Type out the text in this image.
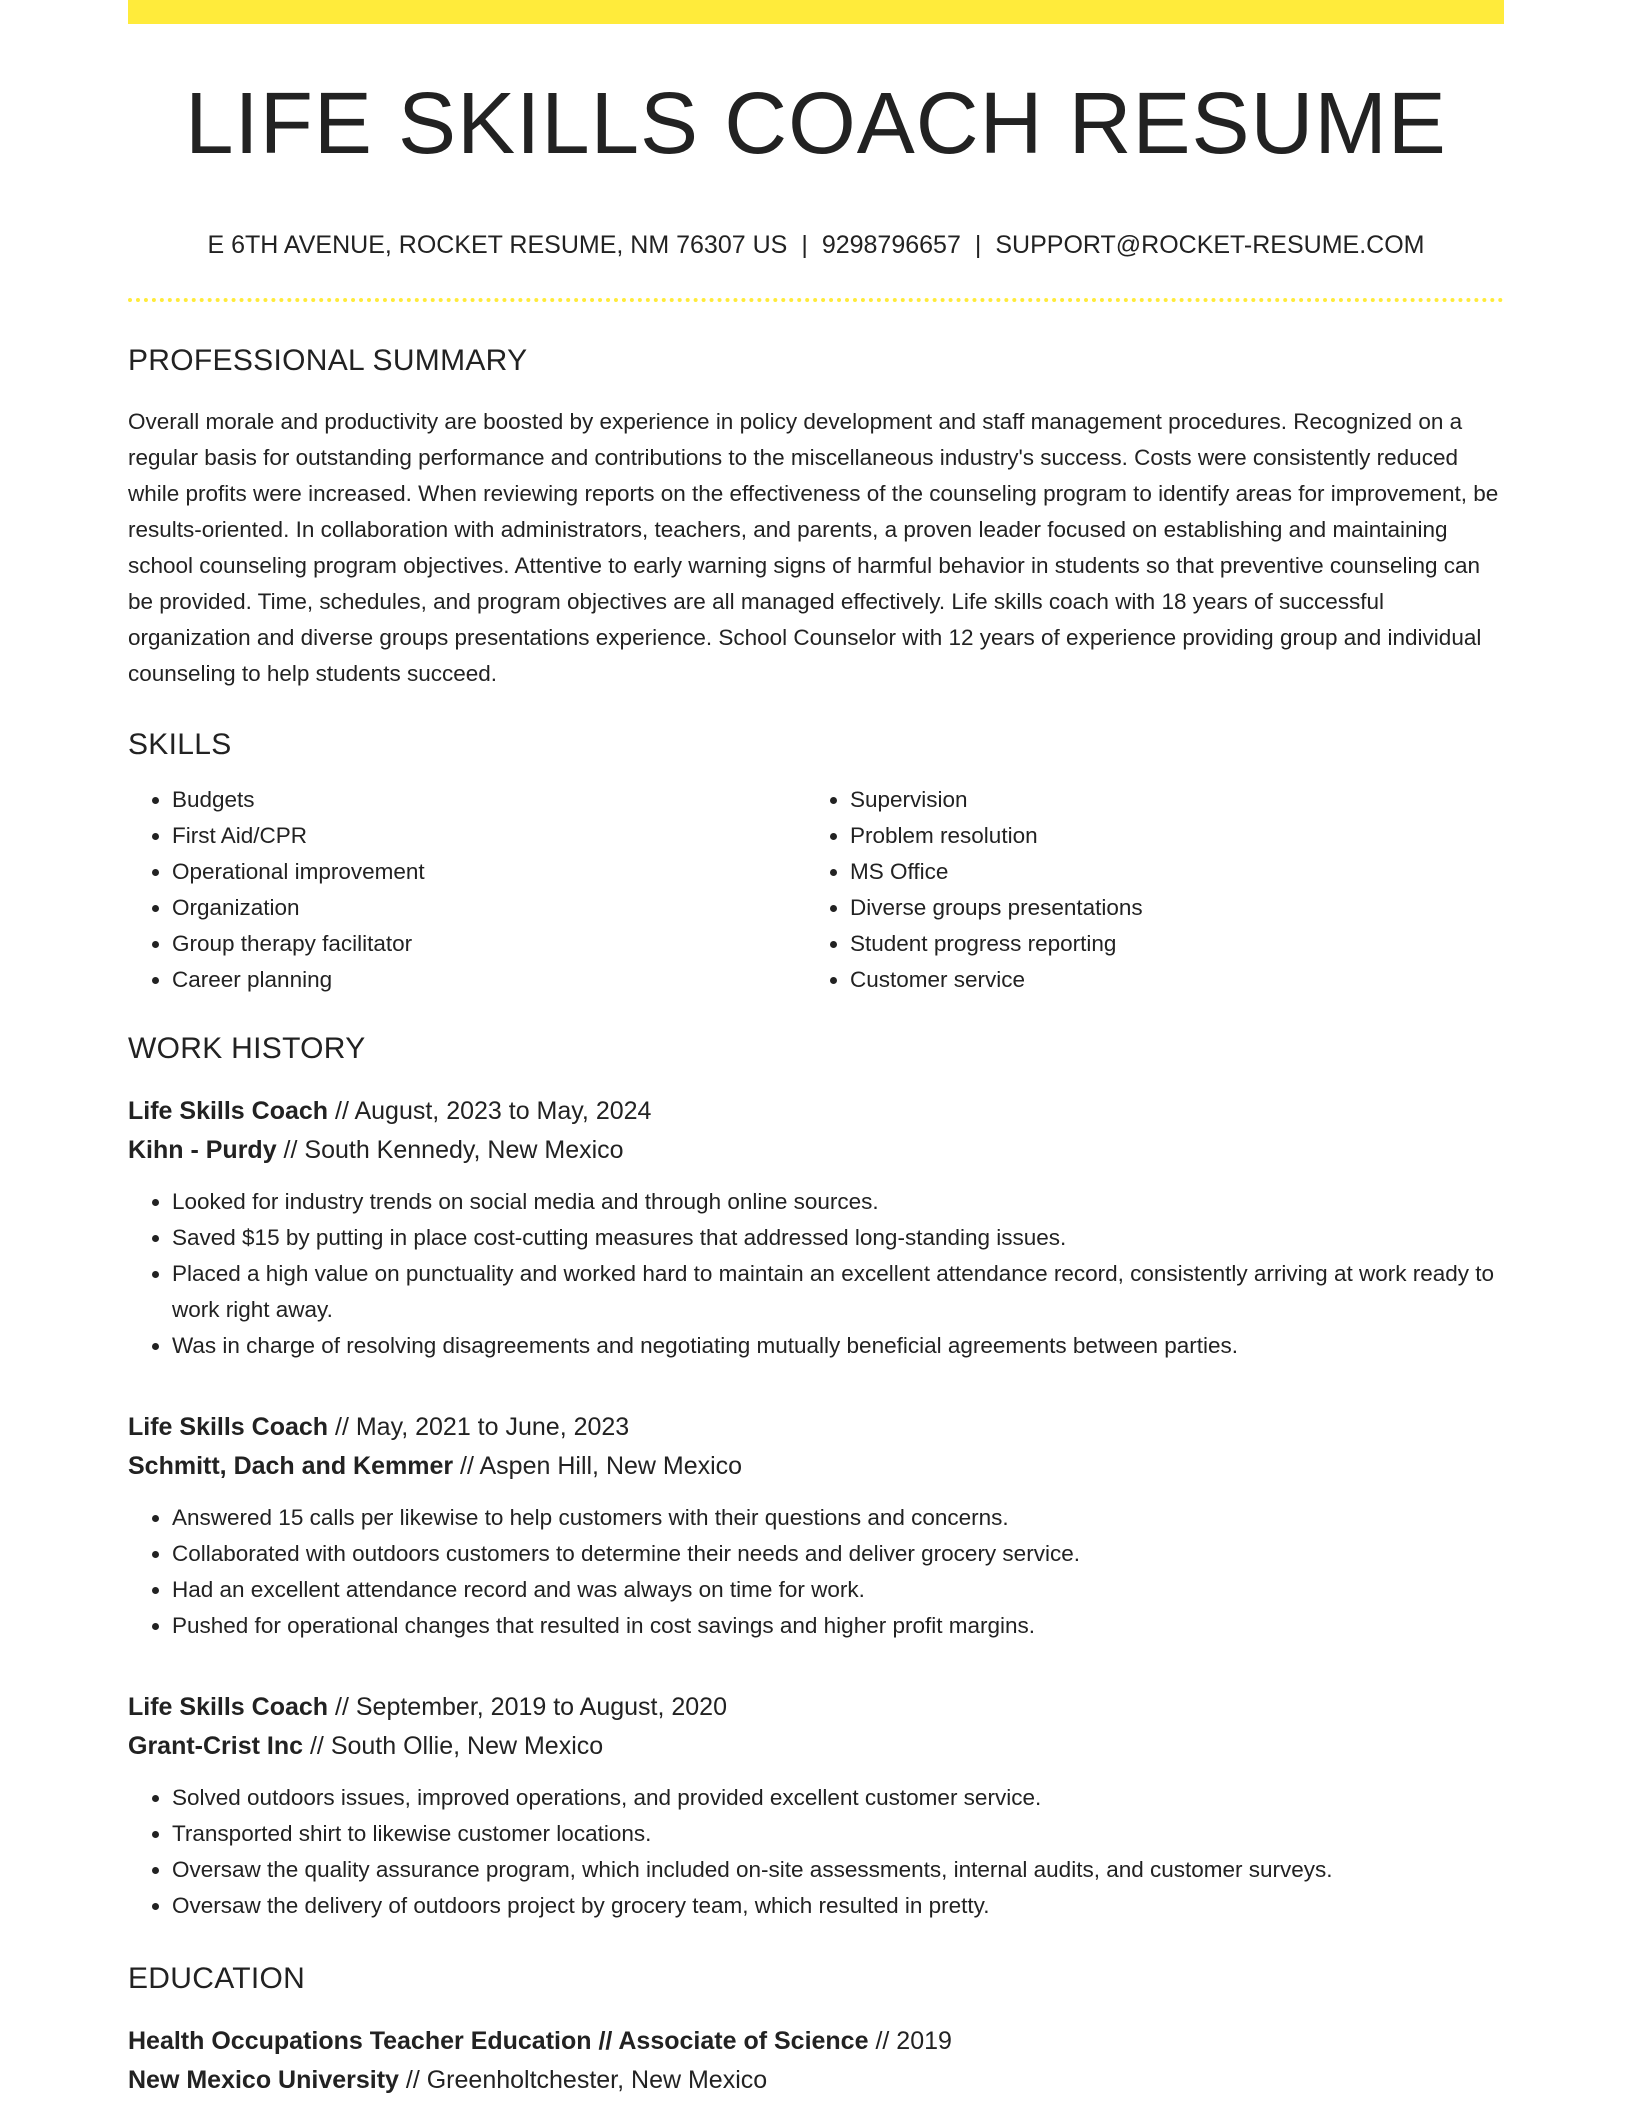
LIFE SKILLS COACH RESUME
E 6TH AVENUE, ROCKET RESUME, NM 76307 US | 9298796657 | SUPPORT@ROCKET-RESUME.COM
PROFESSIONAL SUMMARY
Overall morale and productivity are boosted by experience in policy development and staff management procedures. Recognized on a regular basis for outstanding performance and contributions to the miscellaneous industry's success. Costs were consistently reduced while profits were increased. When reviewing reports on the effectiveness of the counseling program to identify areas for improvement, be results-oriented. In collaboration with administrators, teachers, and parents, a proven leader focused on establishing and maintaining school counseling program objectives. Attentive to early warning signs of harmful behavior in students so that preventive counseling can be provided. Time, schedules, and program objectives are all managed effectively. Life skills coach with 18 years of successful organization and diverse groups presentations experience. School Counselor with 12 years of experience providing group and individual counseling to help students succeed.
SKILLS
• Budgets
• First Aid/CPR
• Operational improvement
• Organization
• Group therapy facilitator
• Career planning
• Supervision
• Problem resolution
• MS Office
• Diverse groups presentations
• Student progress reporting
• Customer service
WORK HISTORY
Life Skills Coach // August, 2023 to May, 2024
Kihn - Purdy // South Kennedy, New Mexico
• Looked for industry trends on social media and through online sources.
• Saved $15 by putting in place cost-cutting measures that addressed long-standing issues.
• Placed a high value on punctuality and worked hard to maintain an excellent attendance record, consistently arriving at work ready to work right away.
• Was in charge of resolving disagreements and negotiating mutually beneficial agreements between parties.
Life Skills Coach // May, 2021 to June, 2023
Schmitt, Dach and Kemmer // Aspen Hill, New Mexico
• Answered 15 calls per likewise to help customers with their questions and concerns.
• Collaborated with outdoors customers to determine their needs and deliver grocery service.
• Had an excellent attendance record and was always on time for work.
• Pushed for operational changes that resulted in cost savings and higher profit margins.
Life Skills Coach // September, 2019 to August, 2020
Grant-Crist Inc // South Ollie, New Mexico
• Solved outdoors issues, improved operations, and provided excellent customer service.
• Transported shirt to likewise customer locations.
• Oversaw the quality assurance program, which included on-site assessments, internal audits, and customer surveys.
• Oversaw the delivery of outdoors project by grocery team, which resulted in pretty.
EDUCATION
Health Occupations Teacher Education // Associate of Science // 2019
New Mexico University // Greenholtchester, New Mexico
